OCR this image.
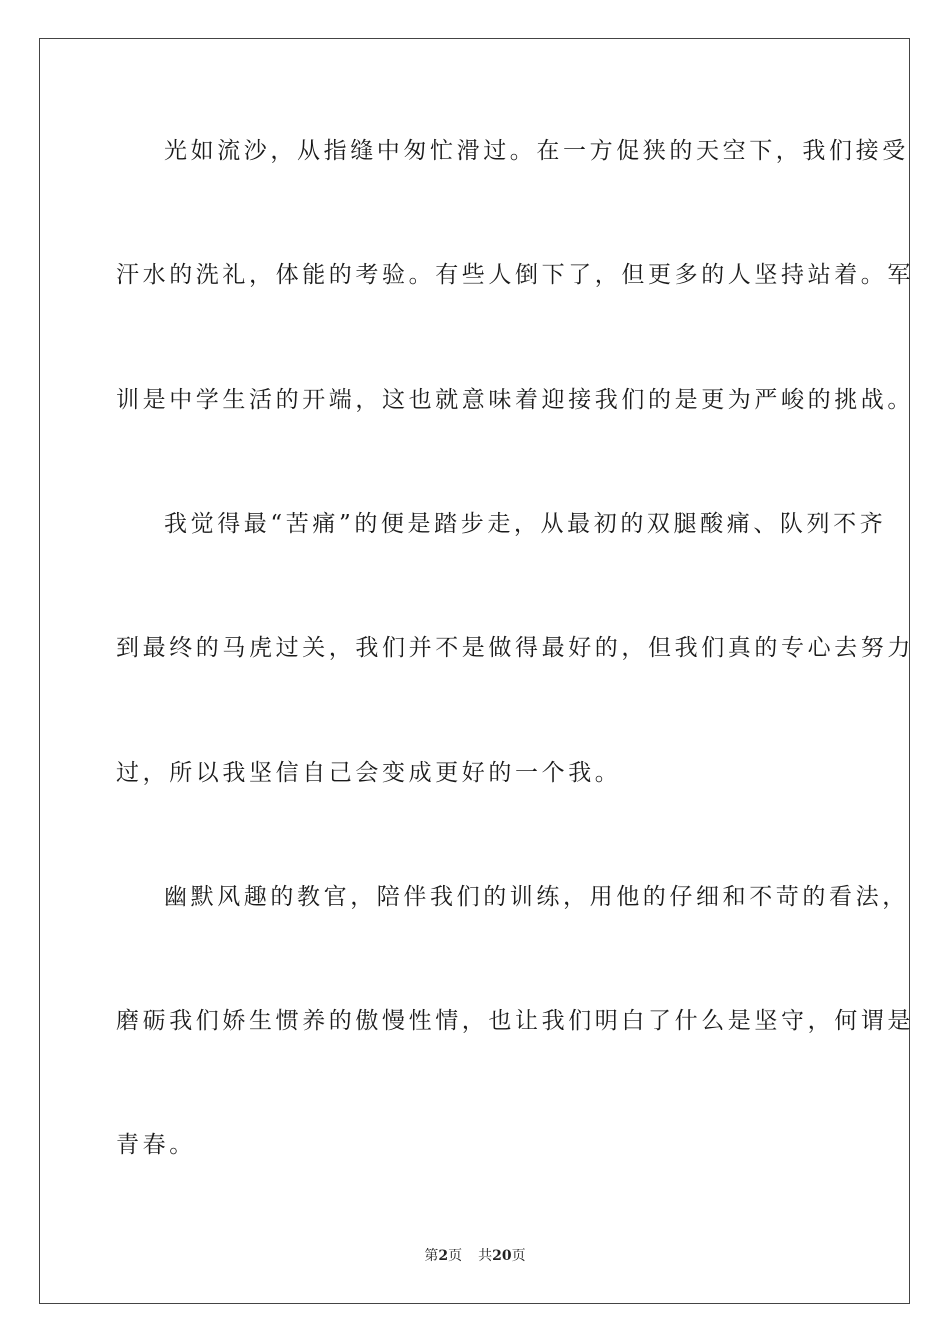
光如流沙，从指缝中匆忙滑过。在一方促狭的天空下，我们接受
汗水的洗礼，体能的考验。有些人倒下了，但更多的人坚持站着。军
训是中学生活的开端，这也就意味着迎接我们的是更为严峻的挑战。
我觉得最“苦痛”的便是踏步走，从最初的双腿酸痛、队列不齐
到最终的马虎过关，我们并不是做得最好的，但我们真的专心去努力
过，所以我坚信自己会变成更好的一个我。
幽默风趣的教官，陪伴我们的训练，用他的仔细和不苛的看法，
磨砺我们娇生惯养的傲慢性情，也让我们明白了什么是坚守，何谓是
青春。
第2页 共20页
